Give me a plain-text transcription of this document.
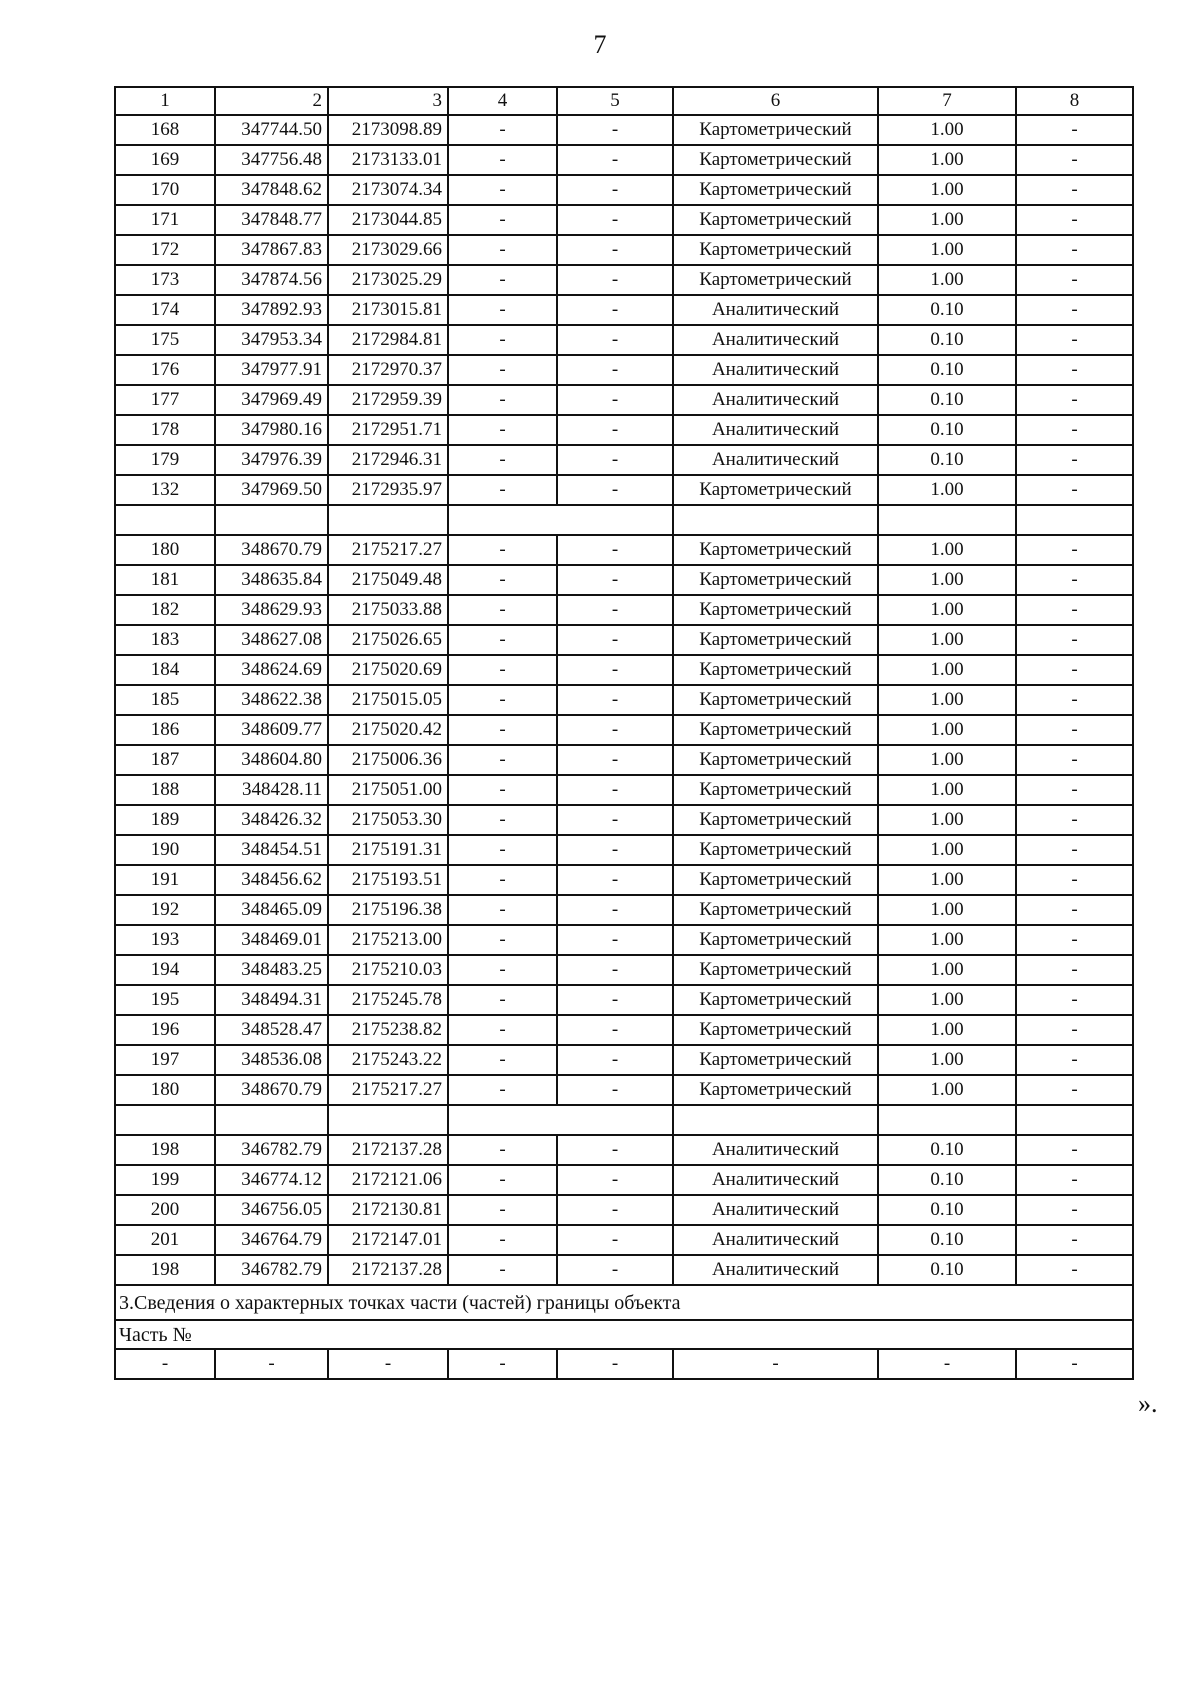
7
1	2	3	4	5	6	7	8
168	347744.50	2173098.89	-	-	Картометрический	1.00	-
169	347756.48	2173133.01	-	-	Картометрический	1.00	-
170	347848.62	2173074.34	-	-	Картометрический	1.00	-
171	347848.77	2173044.85	-	-	Картометрический	1.00	-
172	347867.83	2173029.66	-	-	Картометрический	1.00	-
173	347874.56	2173025.29	-	-	Картометрический	1.00	-
174	347892.93	2173015.81	-	-	Аналитический	0.10	-
175	347953.34	2172984.81	-	-	Аналитический	0.10	-
176	347977.91	2172970.37	-	-	Аналитический	0.10	-
177	347969.49	2172959.39	-	-	Аналитический	0.10	-
178	347980.16	2172951.71	-	-	Аналитический	0.10	-
179	347976.39	2172946.31	-	-	Аналитический	0.10	-
132	347969.50	2172935.97	-	-	Картометрический	1.00	-

180	348670.79	2175217.27	-	-	Картометрический	1.00	-
181	348635.84	2175049.48	-	-	Картометрический	1.00	-
182	348629.93	2175033.88	-	-	Картометрический	1.00	-
183	348627.08	2175026.65	-	-	Картометрический	1.00	-
184	348624.69	2175020.69	-	-	Картометрический	1.00	-
185	348622.38	2175015.05	-	-	Картометрический	1.00	-
186	348609.77	2175020.42	-	-	Картометрический	1.00	-
187	348604.80	2175006.36	-	-	Картометрический	1.00	-
188	348428.11	2175051.00	-	-	Картометрический	1.00	-
189	348426.32	2175053.30	-	-	Картометрический	1.00	-
190	348454.51	2175191.31	-	-	Картометрический	1.00	-
191	348456.62	2175193.51	-	-	Картометрический	1.00	-
192	348465.09	2175196.38	-	-	Картометрический	1.00	-
193	348469.01	2175213.00	-	-	Картометрический	1.00	-
194	348483.25	2175210.03	-	-	Картометрический	1.00	-
195	348494.31	2175245.78	-	-	Картометрический	1.00	-
196	348528.47	2175238.82	-	-	Картометрический	1.00	-
197	348536.08	2175243.22	-	-	Картометрический	1.00	-
180	348670.79	2175217.27	-	-	Картометрический	1.00	-

198	346782.79	2172137.28	-	-	Аналитический	0.10	-
199	346774.12	2172121.06	-	-	Аналитический	0.10	-
200	346756.05	2172130.81	-	-	Аналитический	0.10	-
201	346764.79	2172147.01	-	-	Аналитический	0.10	-
198	346782.79	2172137.28	-	-	Аналитический	0.10	-
3.Сведения о характерных точках части (частей) границы объекта							
Часть №							
-	-	-	-	-	-	-	-
».
